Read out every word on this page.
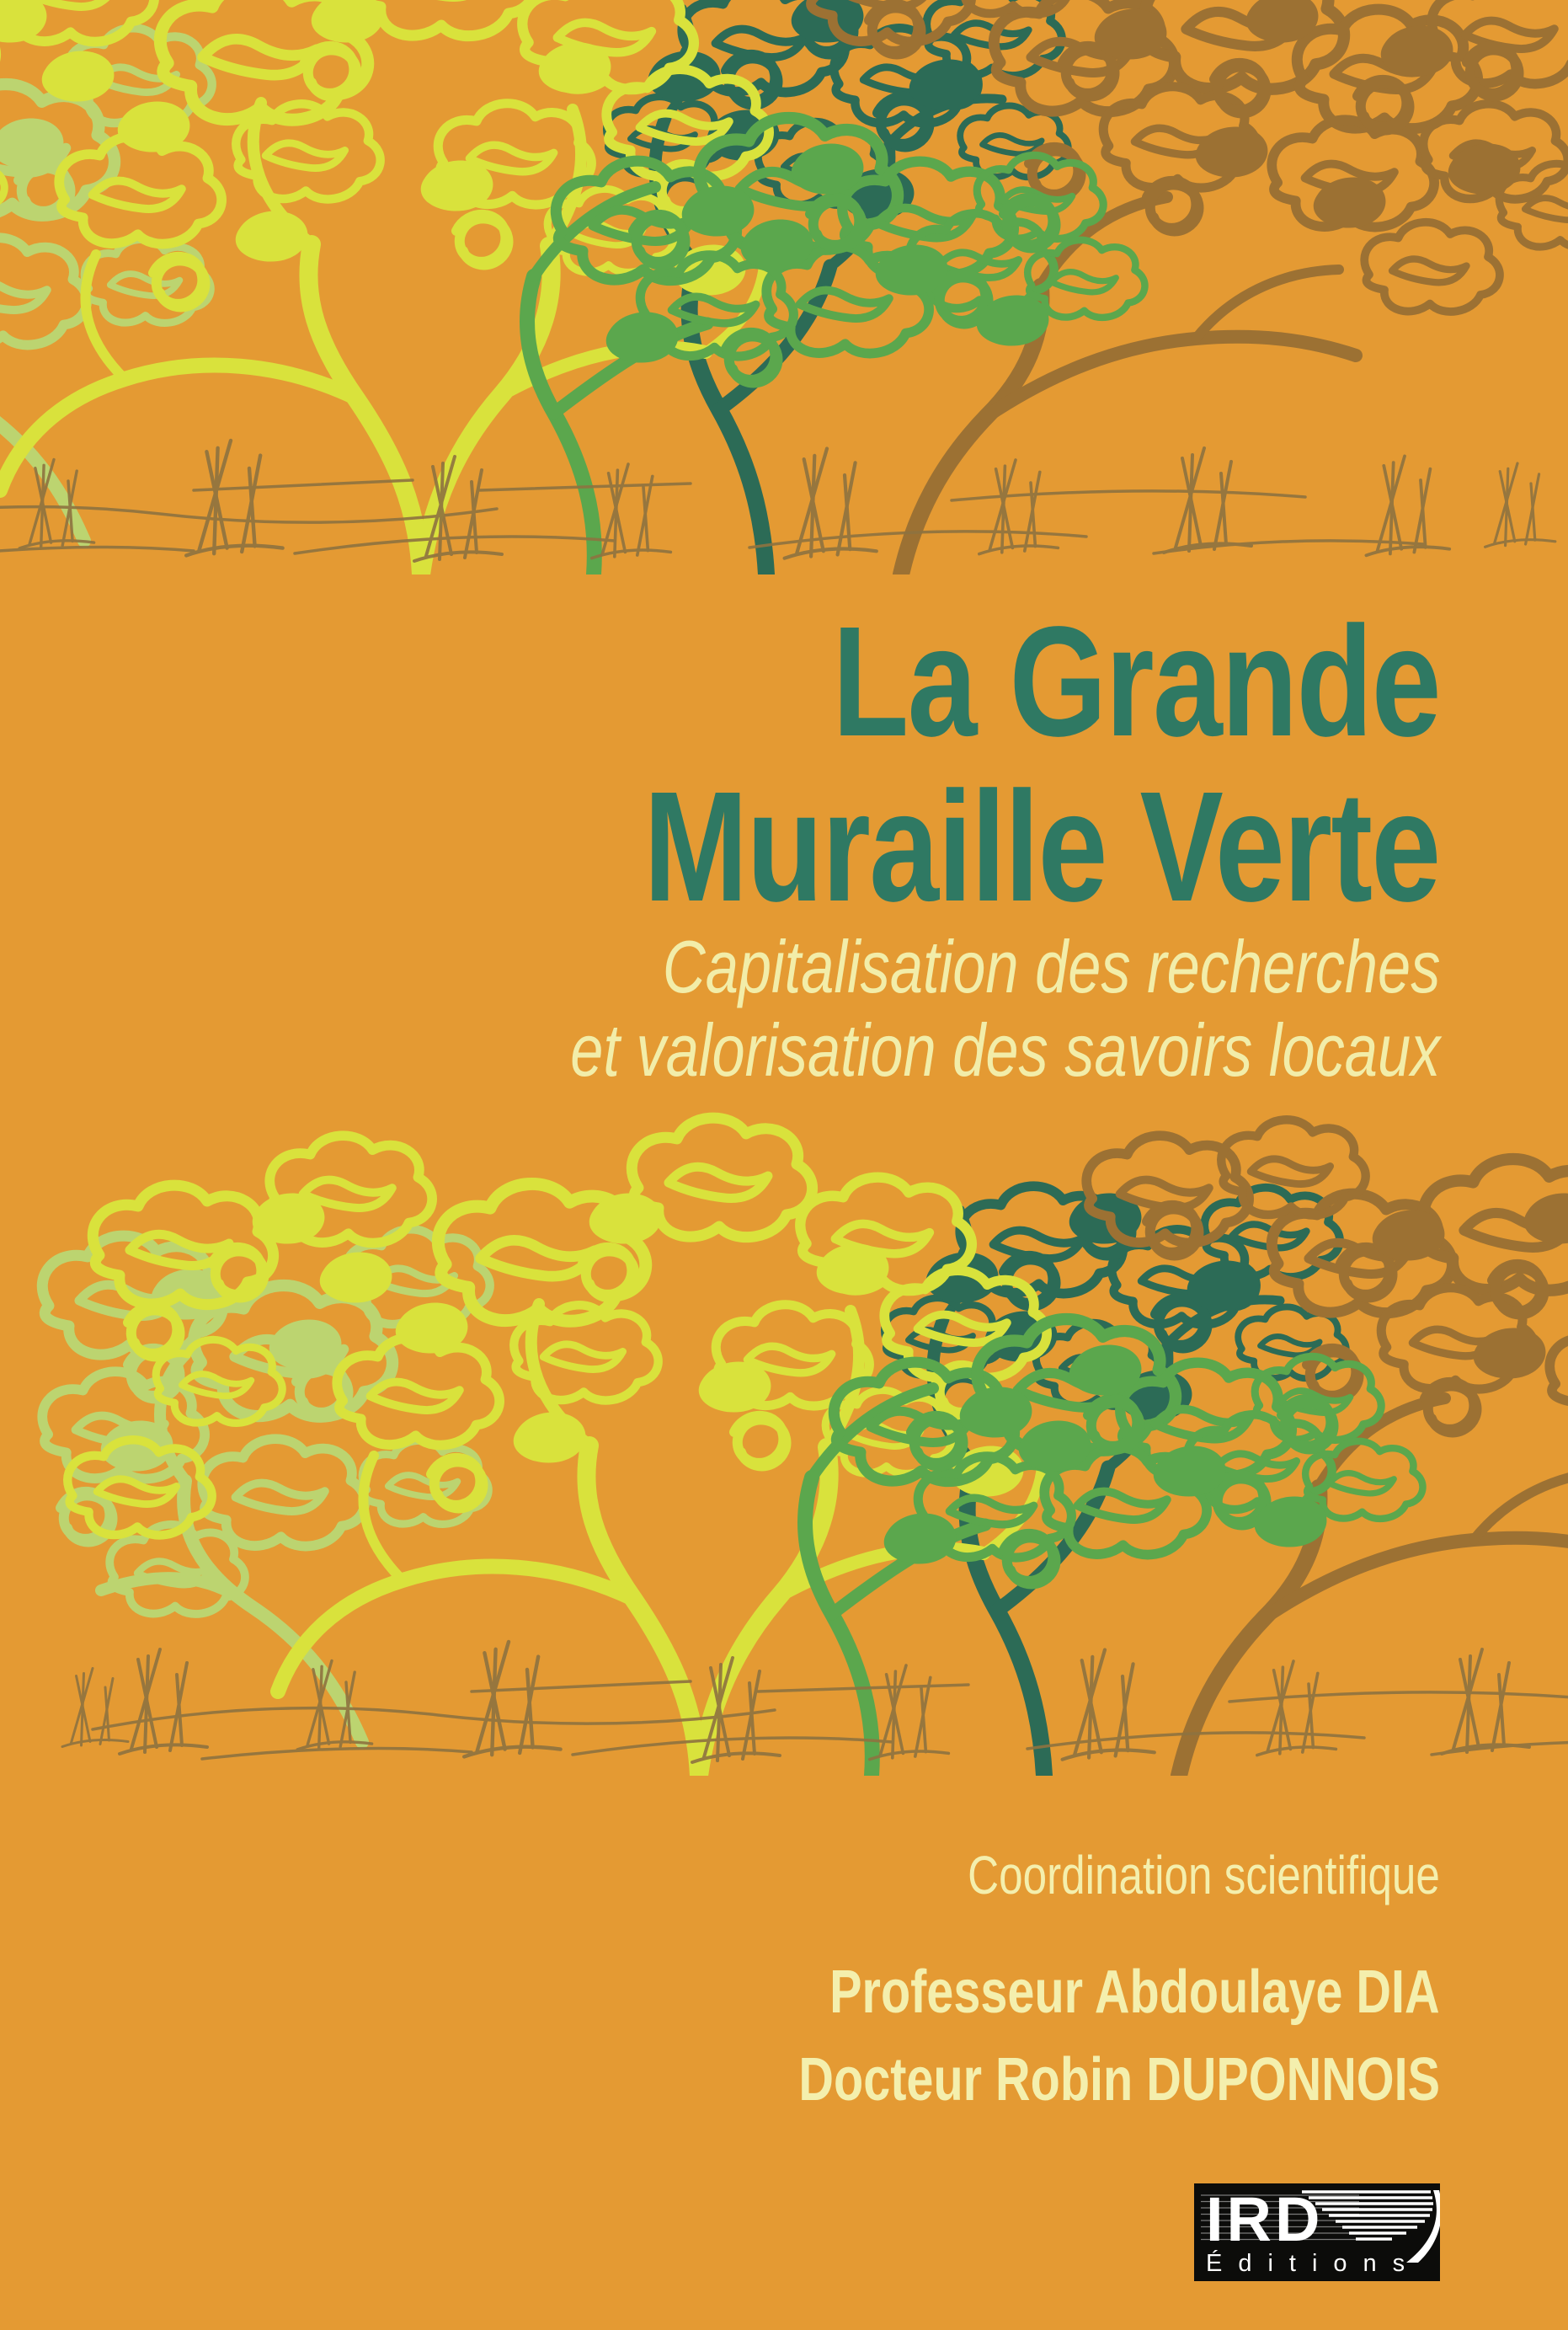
La Grande
Muraille Verte
Capitalisation des recherches
et valorisation des savoirs locaux
Coordination scientifique
Professeur Abdoulaye DIA
Docteur Robin DUPONNOIS
IRD
Éditions
